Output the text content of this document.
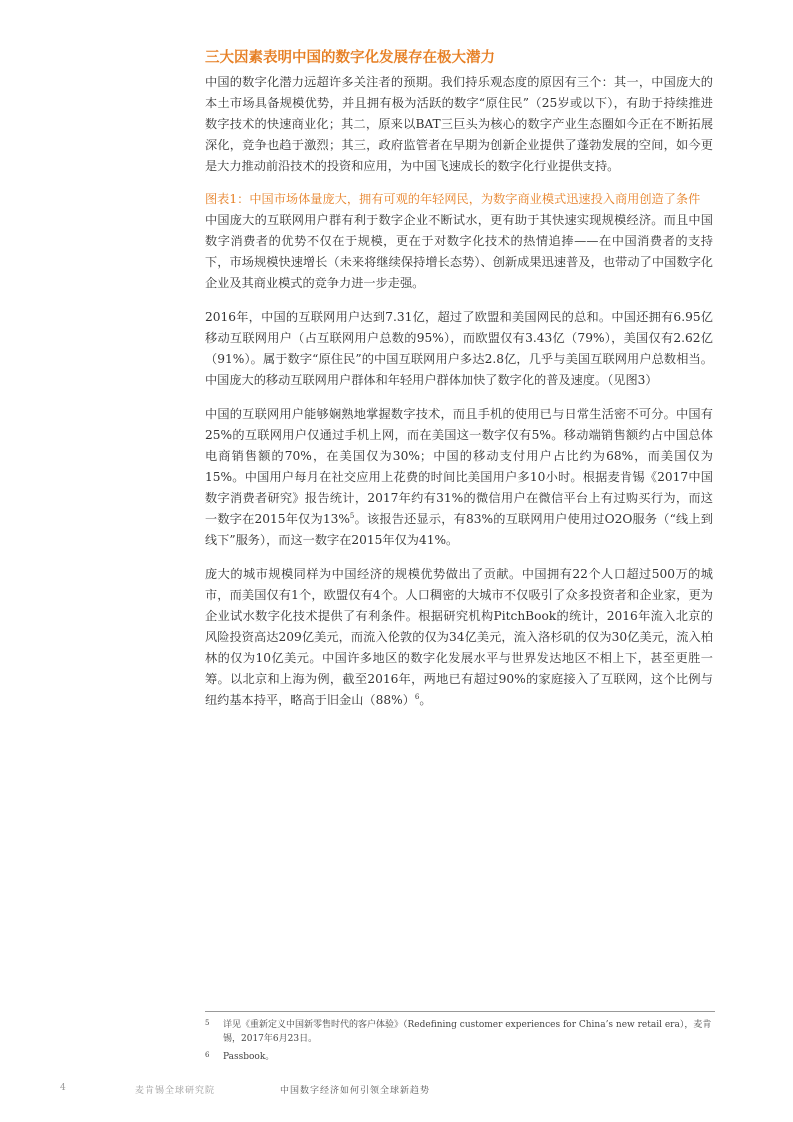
三大因素表明中国的数字化发展存在极大潜力

中国的数字化潜力远超许多关注者的预期。我们持乐观态度的原因有三个：其一，中国庞大的本土市场具备规模优势，并且拥有极为活跃的数字“原住民”（25岁或以下），有助于持续推进数字技术的快速商业化；其二，原来以BAT三巨头为核心的数字产业生态圈如今正在不断拓展深化，竞争也趋于激烈；其三，政府监管者在早期为创新企业提供了蓬勃发展的空间，如今更是大力推动前沿技术的投资和应用，为中国飞速成长的数字化行业提供支持。

图表1：中国市场体量庞大，拥有可观的年轻网民，为数字商业模式迅速投入商用创造了条件

中国庞大的互联网用户群有利于数字企业不断试水，更有助于其快速实现规模经济。而且中国数字消费者的优势不仅在于规模，更在于对数字化技术的热情追捧——在中国消费者的支持下，市场规模快速增长（未来将继续保持增长态势）、创新成果迅速普及，也带动了中国数字化企业及其商业模式的竞争力进一步走强。

2016年，中国的互联网用户达到7.31亿，超过了欧盟和美国网民的总和。中国还拥有6.95亿移动互联网用户（占互联网用户总数的95%），而欧盟仅有3.43亿（79%），美国仅有2.62亿（91%）。属于数字“原住民”的中国互联网用户多达2.8亿，几乎与美国互联网用户总数相当。中国庞大的移动互联网用户群体和年轻用户群体加快了数字化的普及速度。（见图3）

中国的互联网用户能够娴熟地掌握数字技术，而且手机的使用已与日常生活密不可分。中国有25%的互联网用户仅通过手机上网，而在美国这一数字仅有5%。移动端销售额约占中国总体电商销售额的70%，在美国仅为30%；中国的移动支付用户占比约为68%，而美国仅为15%。中国用户每月在社交应用上花费的时间比美国用户多10小时。根据麦肯锡《2017中国数字消费者研究》报告统计，2017年约有31%的微信用户在微信平台上有过购买行为，而这一数字在2015年仅为13%$^5$。该报告还显示，有83%的互联网用户使用过O2O服务（“线上到线下”服务），而这一数字在2015年仅为41%。

庞大的城市规模同样为中国经济的规模优势做出了贡献。中国拥有22个人口超过500万的城市，而美国仅有1个，欧盟仅有4个。人口稠密的大城市不仅吸引了众多投资者和企业家，更为企业试水数字化技术提供了有利条件。根据研究机构PitchBook的统计，2016年流入北京的风险投资高达209亿美元，而流入伦敦的仅为34亿美元，流入洛杉矶的仅为30亿美元，流入柏林的仅为10亿美元。中国许多地区的数字化发展水平与世界发达地区不相上下，甚至更胜一筹。以北京和上海为例，截至2016年，两地已有超过90%的家庭接入了互联网，这个比例与纽约基本持平，略高于旧金山$(88\%)^6$。

5 详见《重新定义中国新零售时代的客户体验》（Redefining customer experiences for China’s new retail era），麦肯锡，2017年6月23日。
6 Passbook。
4	麦肯锡全球研究院	中国数字经济如何引领全球新趋势
